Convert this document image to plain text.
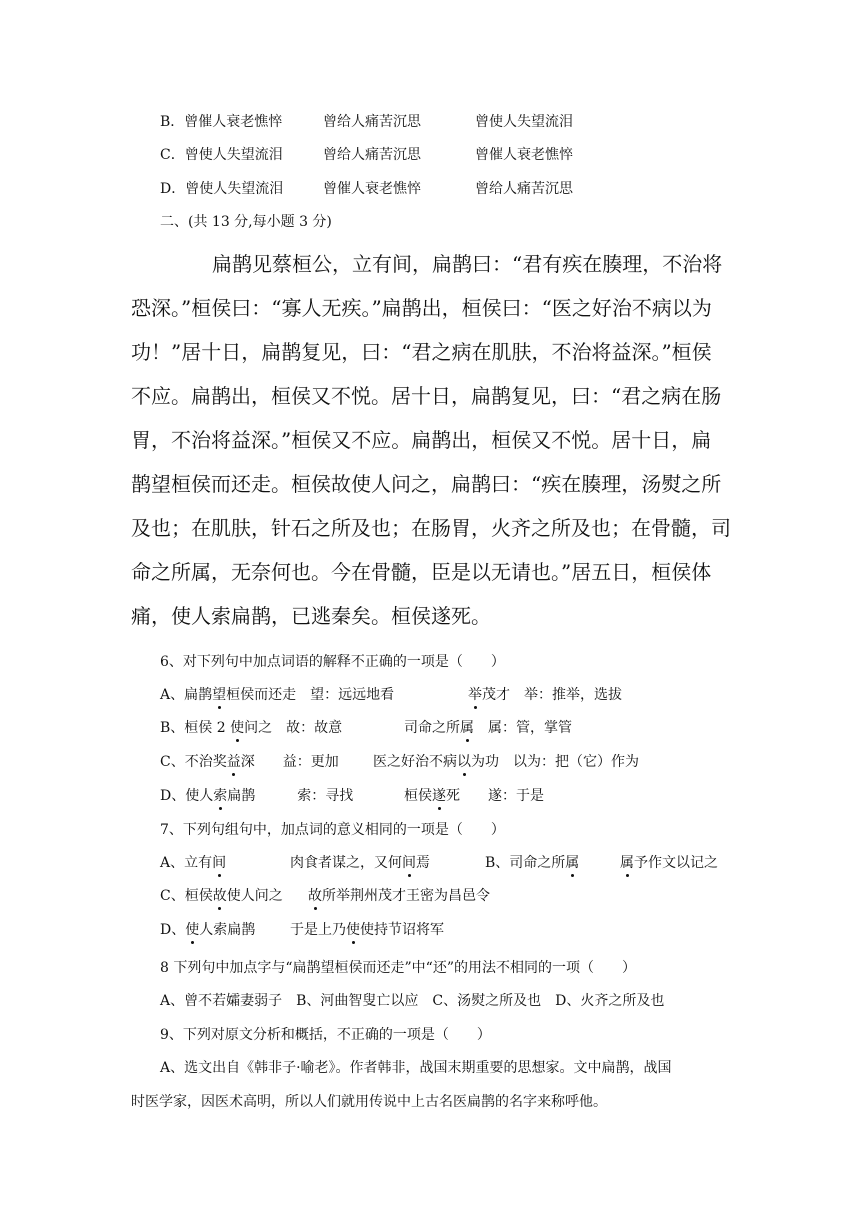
B．曾催人衰老憔悴	曾给人痛苦沉思	曾使人失望流泪
C．曾使人失望流泪	曾给人痛苦沉思	曾催人衰老憔悴
D．曾使人失望流泪	曾催人衰老憔悴	曾给人痛苦沉思
二、(共 13 分,每小题 3 分)
扁鹊见蔡桓公，立有间，扁鹊曰：“君有疾在腠理，不治将
恐深。”桓侯曰：“寡人无疾。”扁鹊出，桓侯曰：“医之好治不病以为
功！”居十日，扁鹊复见，曰：“君之病在肌肤，不治将益深。”桓侯
不应。扁鹊出，桓侯又不悦。居十日，扁鹊复见，曰：“君之病在肠
胃，不治将益深。”桓侯又不应。扁鹊出，桓侯又不悦。居十日，扁
鹊望桓侯而还走。桓侯故使人问之，扁鹊曰：“疾在腠理，汤熨之所
及也；在肌肤，针石之所及也；在肠胃，火齐之所及也；在骨髓，司
命之所属，无奈何也。今在骨髓，臣是以无请也。”居五日，桓侯体
痛，使人索扁鹊，已逃秦矣。桓侯遂死。
6、对下列句中加点词语的解释不正确的一项是（　　）
A、扁鹊望桓侯而还走　望：远远地看	举茂才　举：推举，选拔
B、桓侯 2 使问之　故：故意	司命之所属　属：管，掌管
C、不治奖益深　　益：更加 医之好治不病以为功　以为：把（它）作为
D、使人索扁鹊　　　索：寻找	桓侯遂死　　遂：于是
7、下列句组句中，加点词的意义相同的一项是（　　）
A、立有间	肉食者谋之，又何间焉	B、司命之所属	属予作文以记之
C、桓侯故使人问之 故所举荆州茂才王密为昌邑令
D、使人索扁鹊 于是上乃使使持节诏将军
8 下列句中加点字与“扁鹊望桓侯而还走”中“还”的用法不相同的一项（　　）
A、曾不若孀妻弱子　B、河曲智叟亡以应　C、汤熨之所及也　D、火齐之所及也
9、下列对原文分析和概括，不正确的一项是（　　）
A、选文出自《韩非子·喻老》。作者韩非，战国末期重要的思想家。文中扁鹊，战国
时医学家，因医术高明，所以人们就用传说中上古名医扁鹊的名字来称呼他。
